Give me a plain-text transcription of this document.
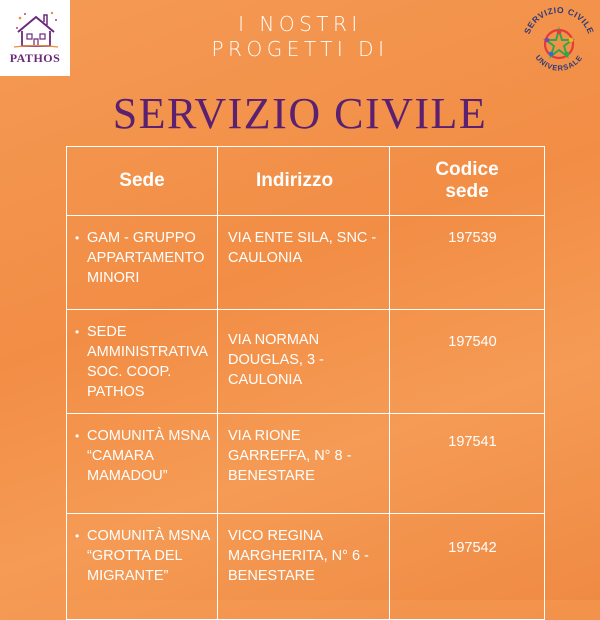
PATHOS
SERVIZIO CIVILE
UNIVERSALE
I NOSTRI
PROGETTI DI
SERVIZIO CIVILE
Sede	Indirizzo	Codice sede

• GAM - GRUPPO APPARTAMENTO MINORI	VIA ENTE SILA, SNC - CAULONIA	197539

• SEDE AMMINISTRATIVA SOC. COOP. PATHOS	VIA NORMAN DOUGLAS, 3 - CAULONIA	197540

• COMUNITÀ MSNA “CAMARA MAMADOU”	VIA RIONE GARREFFA, N° 8 - BENESTARE	197541

• COMUNITÀ MSNA “GROTTA DEL MIGRANTE”	VICO REGINA MARGHERITA, N° 6 - BENESTARE	197542
